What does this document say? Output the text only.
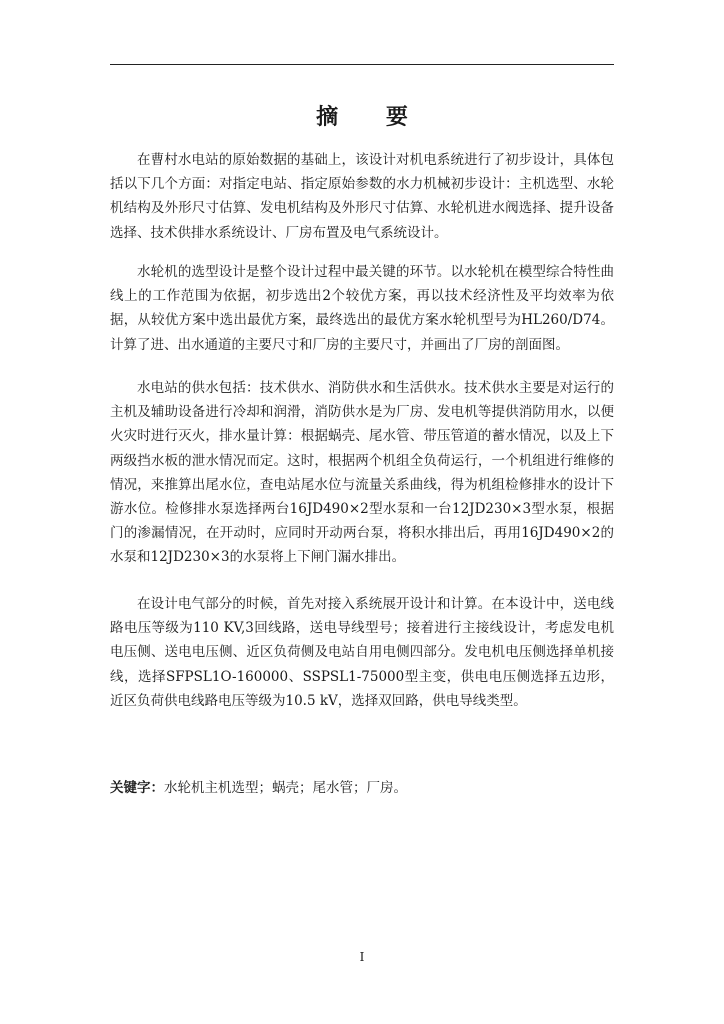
摘 要

在曹村水电站的原始数据的基础上，该设计对机电系统进行了初步设计，具体包括以下几个方面：对指定电站、指定原始参数的水力机械初步设计：主机选型、水轮机结构及外形尺寸估算、发电机结构及外形尺寸估算、水轮机进水阀选择、提升设备选择、技术供排水系统设计、厂房布置及电气系统设计。

水轮机的选型设计是整个设计过程中最关键的环节。以水轮机在模型综合特性曲线上的工作范围为依据，初步选出2个较优方案，再以技术经济性及平均效率为依据，从较优方案中选出最优方案，最终选出的最优方案水轮机型号为HL260/D74。计算了进、出水通道的主要尺寸和厂房的主要尺寸，并画出了厂房的剖面图。

水电站的供水包括：技术供水、消防供水和生活供水。技术供水主要是对运行的主机及辅助设备进行冷却和润滑，消防供水是为厂房、发电机等提供消防用水，以便火灾时进行灭火，排水量计算：根据蜗壳、尾水管、带压管道的蓄水情况，以及上下两级挡水板的泄水情况而定。这时，根据两个机组全负荷运行，一个机组进行维修的情况，来推算出尾水位，查电站尾水位与流量关系曲线，得为机组检修排水的设计下游水位。检修排水泵选择两台16JD490×2型水泵和一台12JD230×3型水泵，根据门的渗漏情况，在开动时，应同时开动两台泵，将积水排出后，再用16JD490×2的水泵和12JD230×3的水泵将上下闸门漏水排出。

在设计电气部分的时候，首先对接入系统展开设计和计算。在本设计中，送电线路电压等级为110 KV,3回线路，送电导线型号；接着进行主接线设计，考虑发电机电压侧、送电电压侧、近区负荷侧及电站自用电侧四部分。发电机电压侧选择单机接线，选择SFPSL1O-160000、SSPSL1-75000型主变，供电电压侧选择五边形，近区负荷供电线路电压等级为10.5 kV，选择双回路，供电导线类型。

关键字：水轮机主机选型；蜗壳；尾水管；厂房。
I
